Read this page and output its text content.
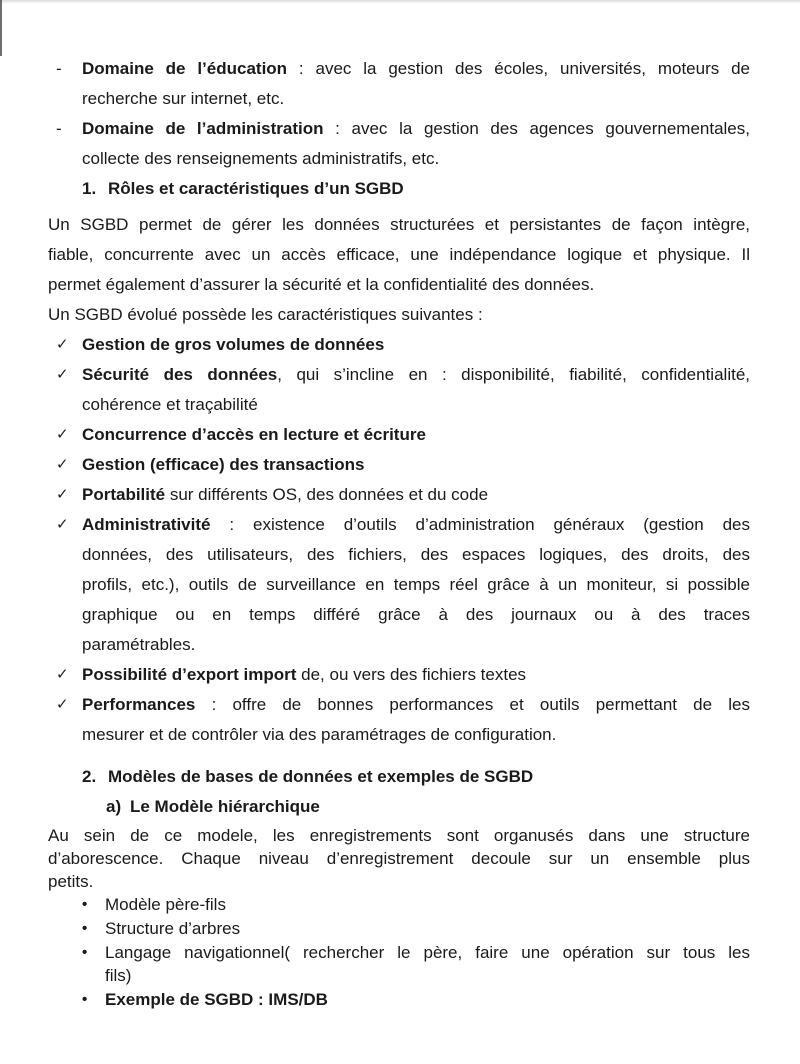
- Domaine de l’éducation : avec la gestion des écoles, universités, moteurs de
recherche sur internet, etc.
- Domaine de l’administration : avec la gestion des agences gouvernementales,
collecte des renseignements administratifs, etc.
1. Rôles et caractéristiques d’un SGBD
Un SGBD permet de gérer les données structurées et persistantes de façon intègre,
fiable, concurrente avec un accès efficace, une indépendance logique et physique. Il
permet également d’assurer la sécurité et la confidentialité des données.
Un SGBD évolué possède les caractéristiques suivantes :
✓ Gestion de gros volumes de données
✓ Sécurité des données, qui s’incline en : disponibilité, fiabilité, confidentialité,
cohérence et traçabilité
✓ Concurrence d’accès en lecture et écriture
✓ Gestion (efficace) des transactions
✓ Portabilité sur différents OS, des données et du code
✓ Administrativité : existence d’outils d’administration généraux (gestion des
données, des utilisateurs, des fichiers, des espaces logiques, des droits, des
profils, etc.), outils de surveillance en temps réel grâce à un moniteur, si possible
graphique ou en temps différé grâce à des journaux ou à des traces
paramétrables.
✓ Possibilité d’export import de, ou vers des fichiers textes
✓ Performances : offre de bonnes performances et outils permettant de les
mesurer et de contrôler via des paramétrages de configuration.
2. Modèles de bases de données et exemples de SGBD
a) Le Modèle hiérarchique
Au sein de ce modele, les enregistrements sont organusés dans une structure
d’aborescence. Chaque niveau d’enregistrement decoule sur un ensemble plus
petits.
• Modèle père-fils
• Structure d’arbres
• Langage navigationnel( rechercher le père, faire une opération sur tous les
fils)
• Exemple de SGBD : IMS/DB
